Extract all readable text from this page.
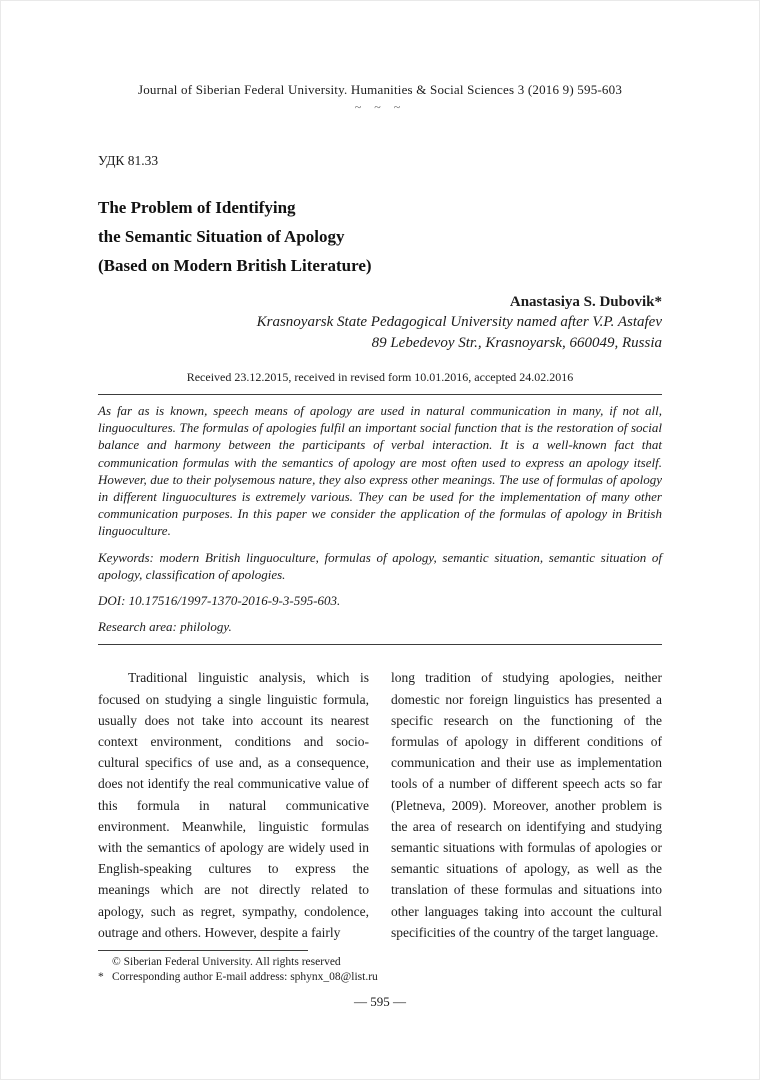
Journal of Siberian Federal University. Humanities & Social Sciences 3 (2016 9) 595-603
~ ~ ~
УДК 81.33
The Problem of Identifying
the Semantic Situation of Apology
(Based on Modern British Literature)
Anastasiya S. Dubovik*
Krasnoyarsk State Pedagogical University named after V.P. Astafev
89 Lebedevoy Str., Krasnoyarsk, 660049, Russia
Received 23.12.2015, received in revised form 10.01.2016, accepted 24.02.2016
As far as is known, speech means of apology are used in natural communication in many, if not all, linguocultures. The formulas of apologies fulfil an important social function that is the restoration of social balance and harmony between the participants of verbal interaction. It is a well-known fact that communication formulas with the semantics of apology are most often used to express an apology itself. However, due to their polysemous nature, they also express other meanings. The use of formulas of apology in different linguocultures is extremely various. They can be used for the implementation of many other communication purposes. In this paper we consider the application of the formulas of apology in British linguoculture.
Keywords: modern British linguoculture, formulas of apology, semantic situation, semantic situation of apology, classification of apologies.
DOI: 10.17516/1997-1370-2016-9-3-595-603.
Research area: philology.
Traditional linguistic analysis, which is focused on studying a single linguistic formula, usually does not take into account its nearest context environment, conditions and socio-cultural specifics of use and, as a consequence, does not identify the real communicative value of this formula in natural communicative environment. Meanwhile, linguistic formulas with the semantics of apology are widely used in English-speaking cultures to express the meanings which are not directly related to apology, such as regret, sympathy, condolence, outrage and others. However, despite a fairly
long tradition of studying apologies, neither domestic nor foreign linguistics has presented a specific research on the functioning of the formulas of apology in different conditions of communication and their use as implementation tools of a number of different speech acts so far (Pletneva, 2009). Moreover, another problem is the area of research on identifying and studying semantic situations with formulas of apologies or semantic situations of apology, as well as the translation of these formulas and situations into other languages taking into account the cultural specificities of the country of the target language.
© Siberian Federal University. All rights reserved
* Corresponding author E-mail address: sphynx_08@list.ru
— 595 —
